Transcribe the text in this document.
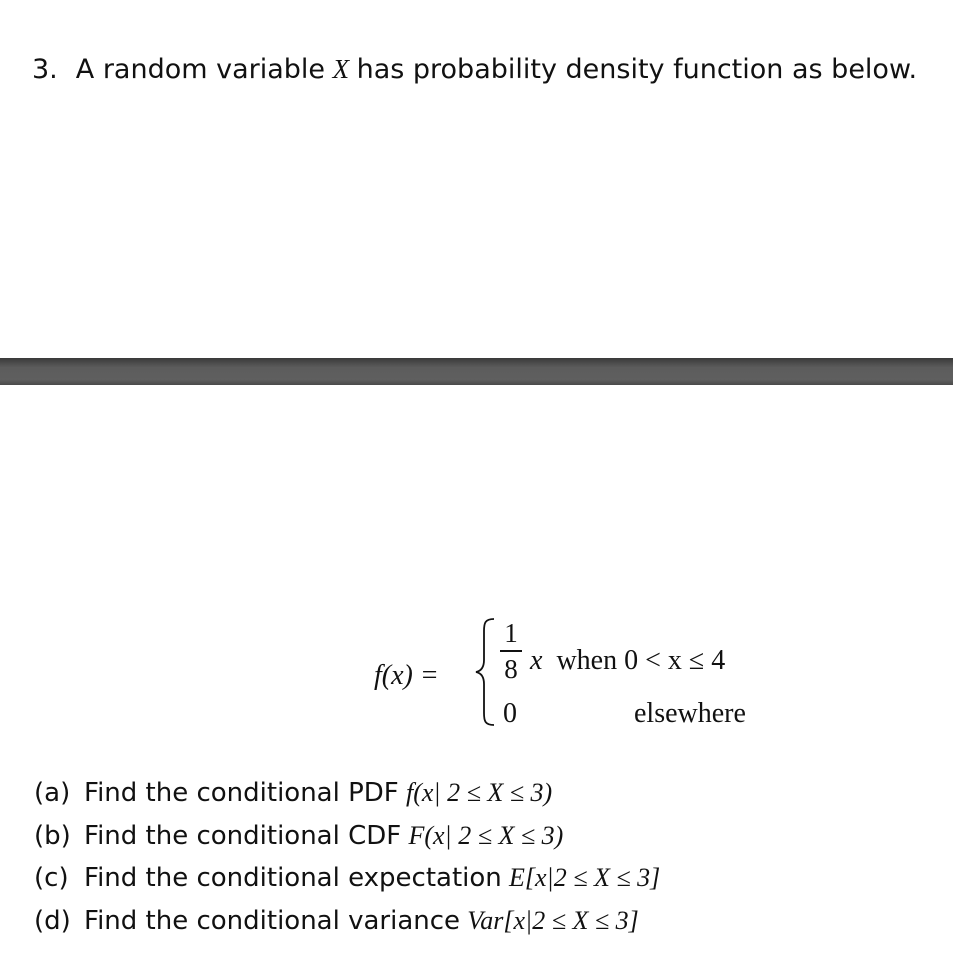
3. A random variable X has probability density function as below.
f(x) =
1
8 x when 0 < x ≤ 4
0	elsewhere
(a) Find the conditional PDF f(x| 2 ≤ X ≤ 3)
(b) Find the conditional CDF F(x| 2 ≤ X ≤ 3)
(c) Find the conditional expectation E[x|2 ≤ X ≤ 3]
(d) Find the conditional variance Var[x|2 ≤ X ≤ 3]
